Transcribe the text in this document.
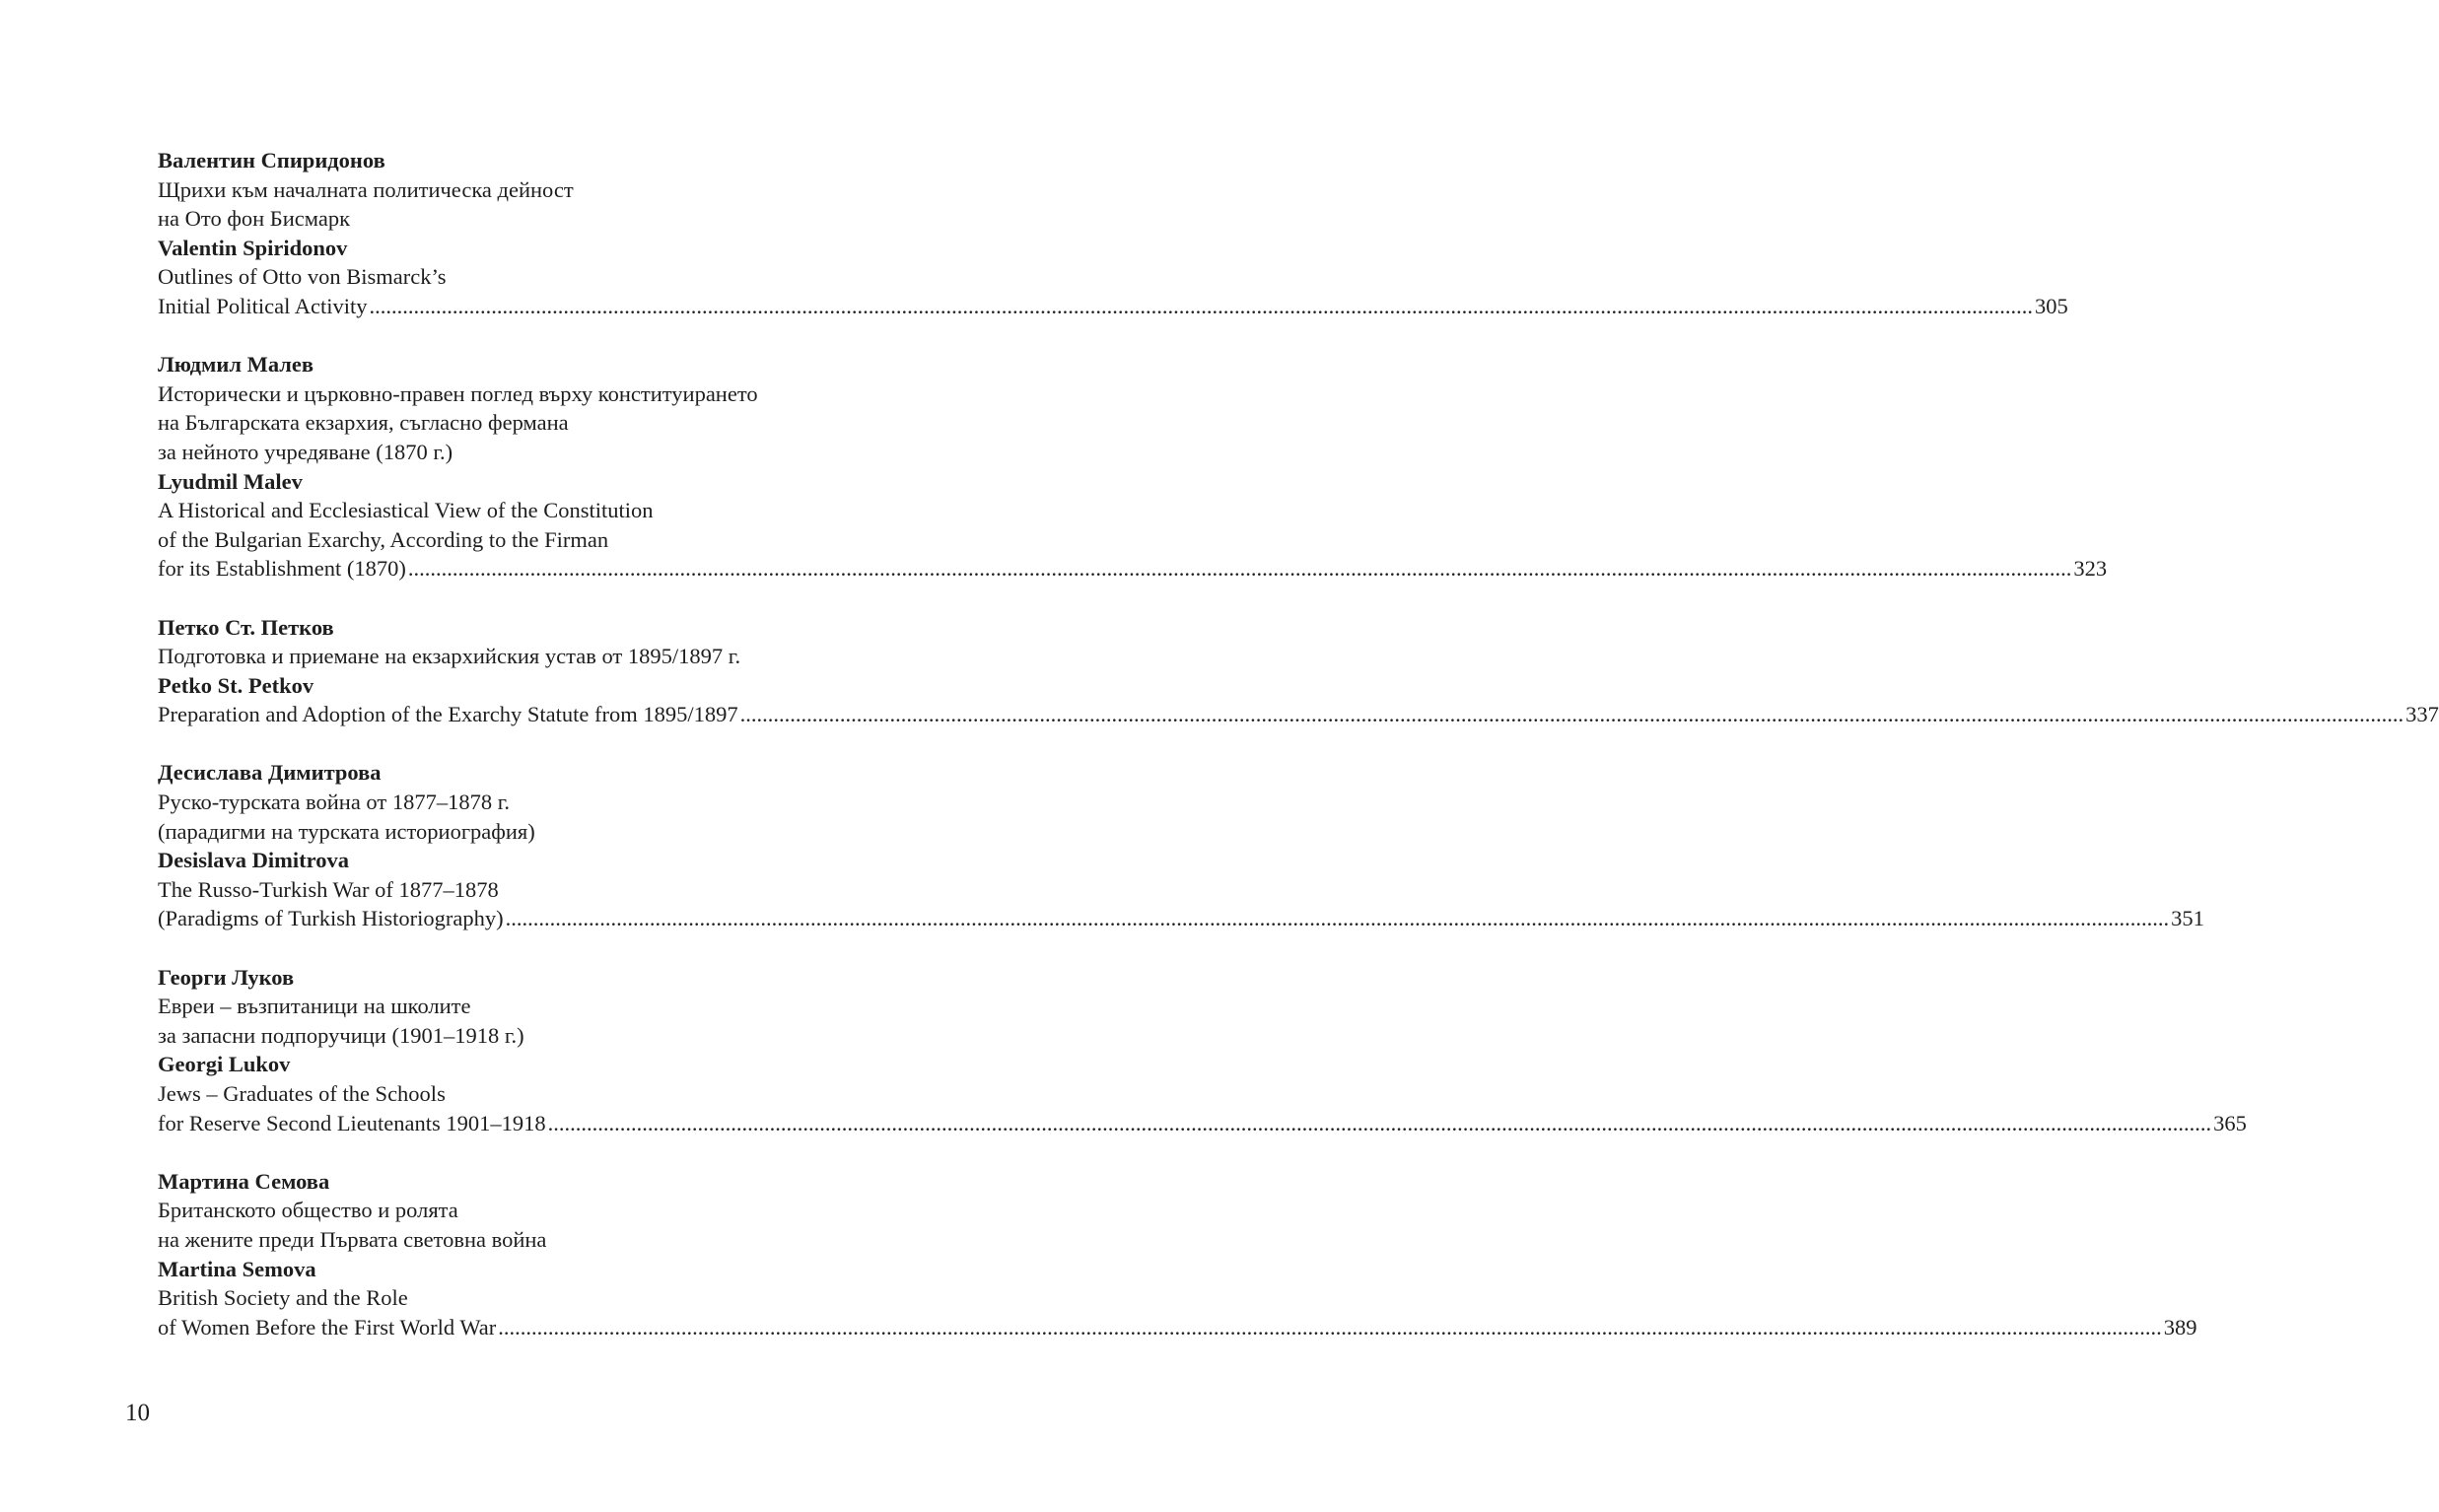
Валентин Спиридонов
Щрихи към началната политическа дейност
на Ото фон Бисмарк
Valentin Spiridonov
Outlines of Otto von Bismarck’s
Initial Political Activity ............................................................................................................................................................................................................................................................................................................ 305
Людмил Малев
Исторически и църковно-правен поглед върху конституирането
на Българската екзархия, съгласно фермана
за нейното учредяване (1870 г.)
Lyudmil Malev
A Historical and Ecclesiastical View of the Constitution
of the Bulgarian Exarchy, According to the Firman
for its Establishment (1870) ............................................................................................................................................................................................................................................................................................................ 323
Петко Ст. Петков
Подготовка и приемане на екзархийския устав от 1895/1897 г.
Petko St. Petkov
Preparation and Adoption of the Exarchy Statute from 1895/1897 ............................................................................................................................................................................................................................................................................................................ 337
Десислава Димитрова
Руско-турската война от 1877–1878 г.
(парадигми на турската историография)
Desislava Dimitrova
The Russo-Turkish War of 1877–1878
(Paradigms of Turkish Historiography) ............................................................................................................................................................................................................................................................................................................ 351
Георги Луков
Евреи – възпитаници на школите
за запасни подпоручици (1901–1918 г.)
Georgi Lukov
Jews – Graduates of the Schools
for Reserve Second Lieutenants 1901–1918 ............................................................................................................................................................................................................................................................................................................ 365
Мартина Семова
Британското общество и ролята
на жените преди Първата световна война
Martina Semova
British Society and the Role
of Women Before the First World War ............................................................................................................................................................................................................................................................................................................ 389
10
